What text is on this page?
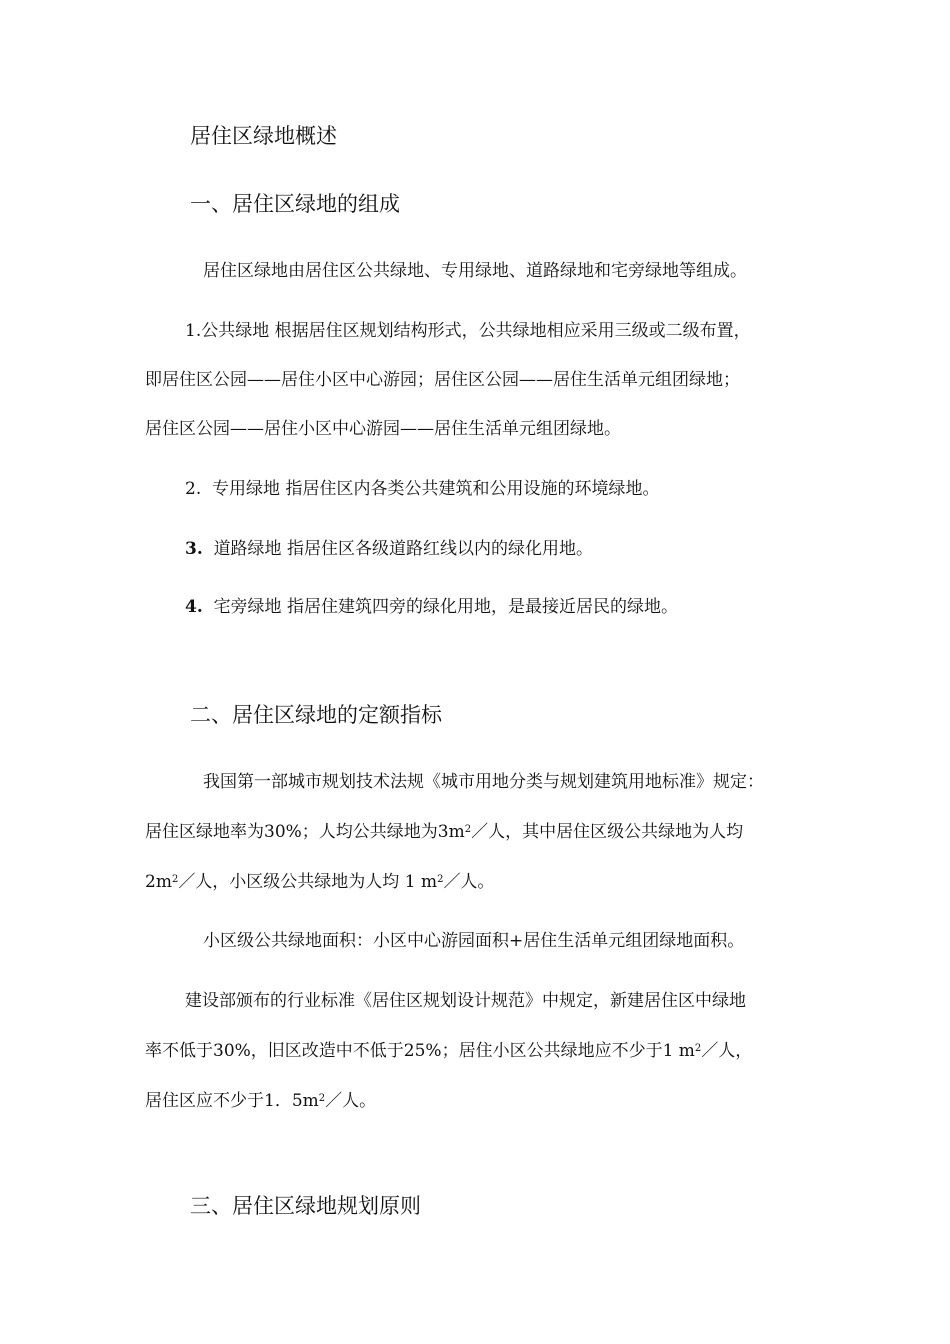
居住区绿地概述
一、居住区绿地的组成
居住区绿地由居住区公共绿地、专用绿地、道路绿地和宅旁绿地等组成。
1.公共绿地 根据居住区规划结构形式，公共绿地相应采用三级或二级布置，
即居住区公园——居住小区中心游园；居住区公园——居住生活单元组团绿地；
居住区公园——居住小区中心游园——居住生活单元组团绿地。
2. 专用绿地 指居住区内各类公共建筑和公用设施的环境绿地。
3. 道路绿地 指居住区各级道路红线以内的绿化用地。
4. 宅旁绿地 指居住建筑四旁的绿化用地，是最接近居民的绿地。
二、居住区绿地的定额指标
我国第一部城市规划技术法规《城市用地分类与规划建筑用地标准》规定：
居住区绿地率为30%；人均公共绿地为$3m^2/$人，其中居住区级公共绿地为人均
$2m^2/$人，小区级公共绿地为人均 1 $m^2/$人。
小区级公共绿地面积：小区中心游园面积+居住生活单元组团绿地面积。
建设部颁布的行业标准《居住区规划设计规范》中规定，新建居住区中绿地
率不低于30%，旧区改造中不低于25%；居住小区公共绿地应不少于1 $m^2/$人，
居住区应不少于1．$5m^2/$人。
三、居住区绿地规划原则
